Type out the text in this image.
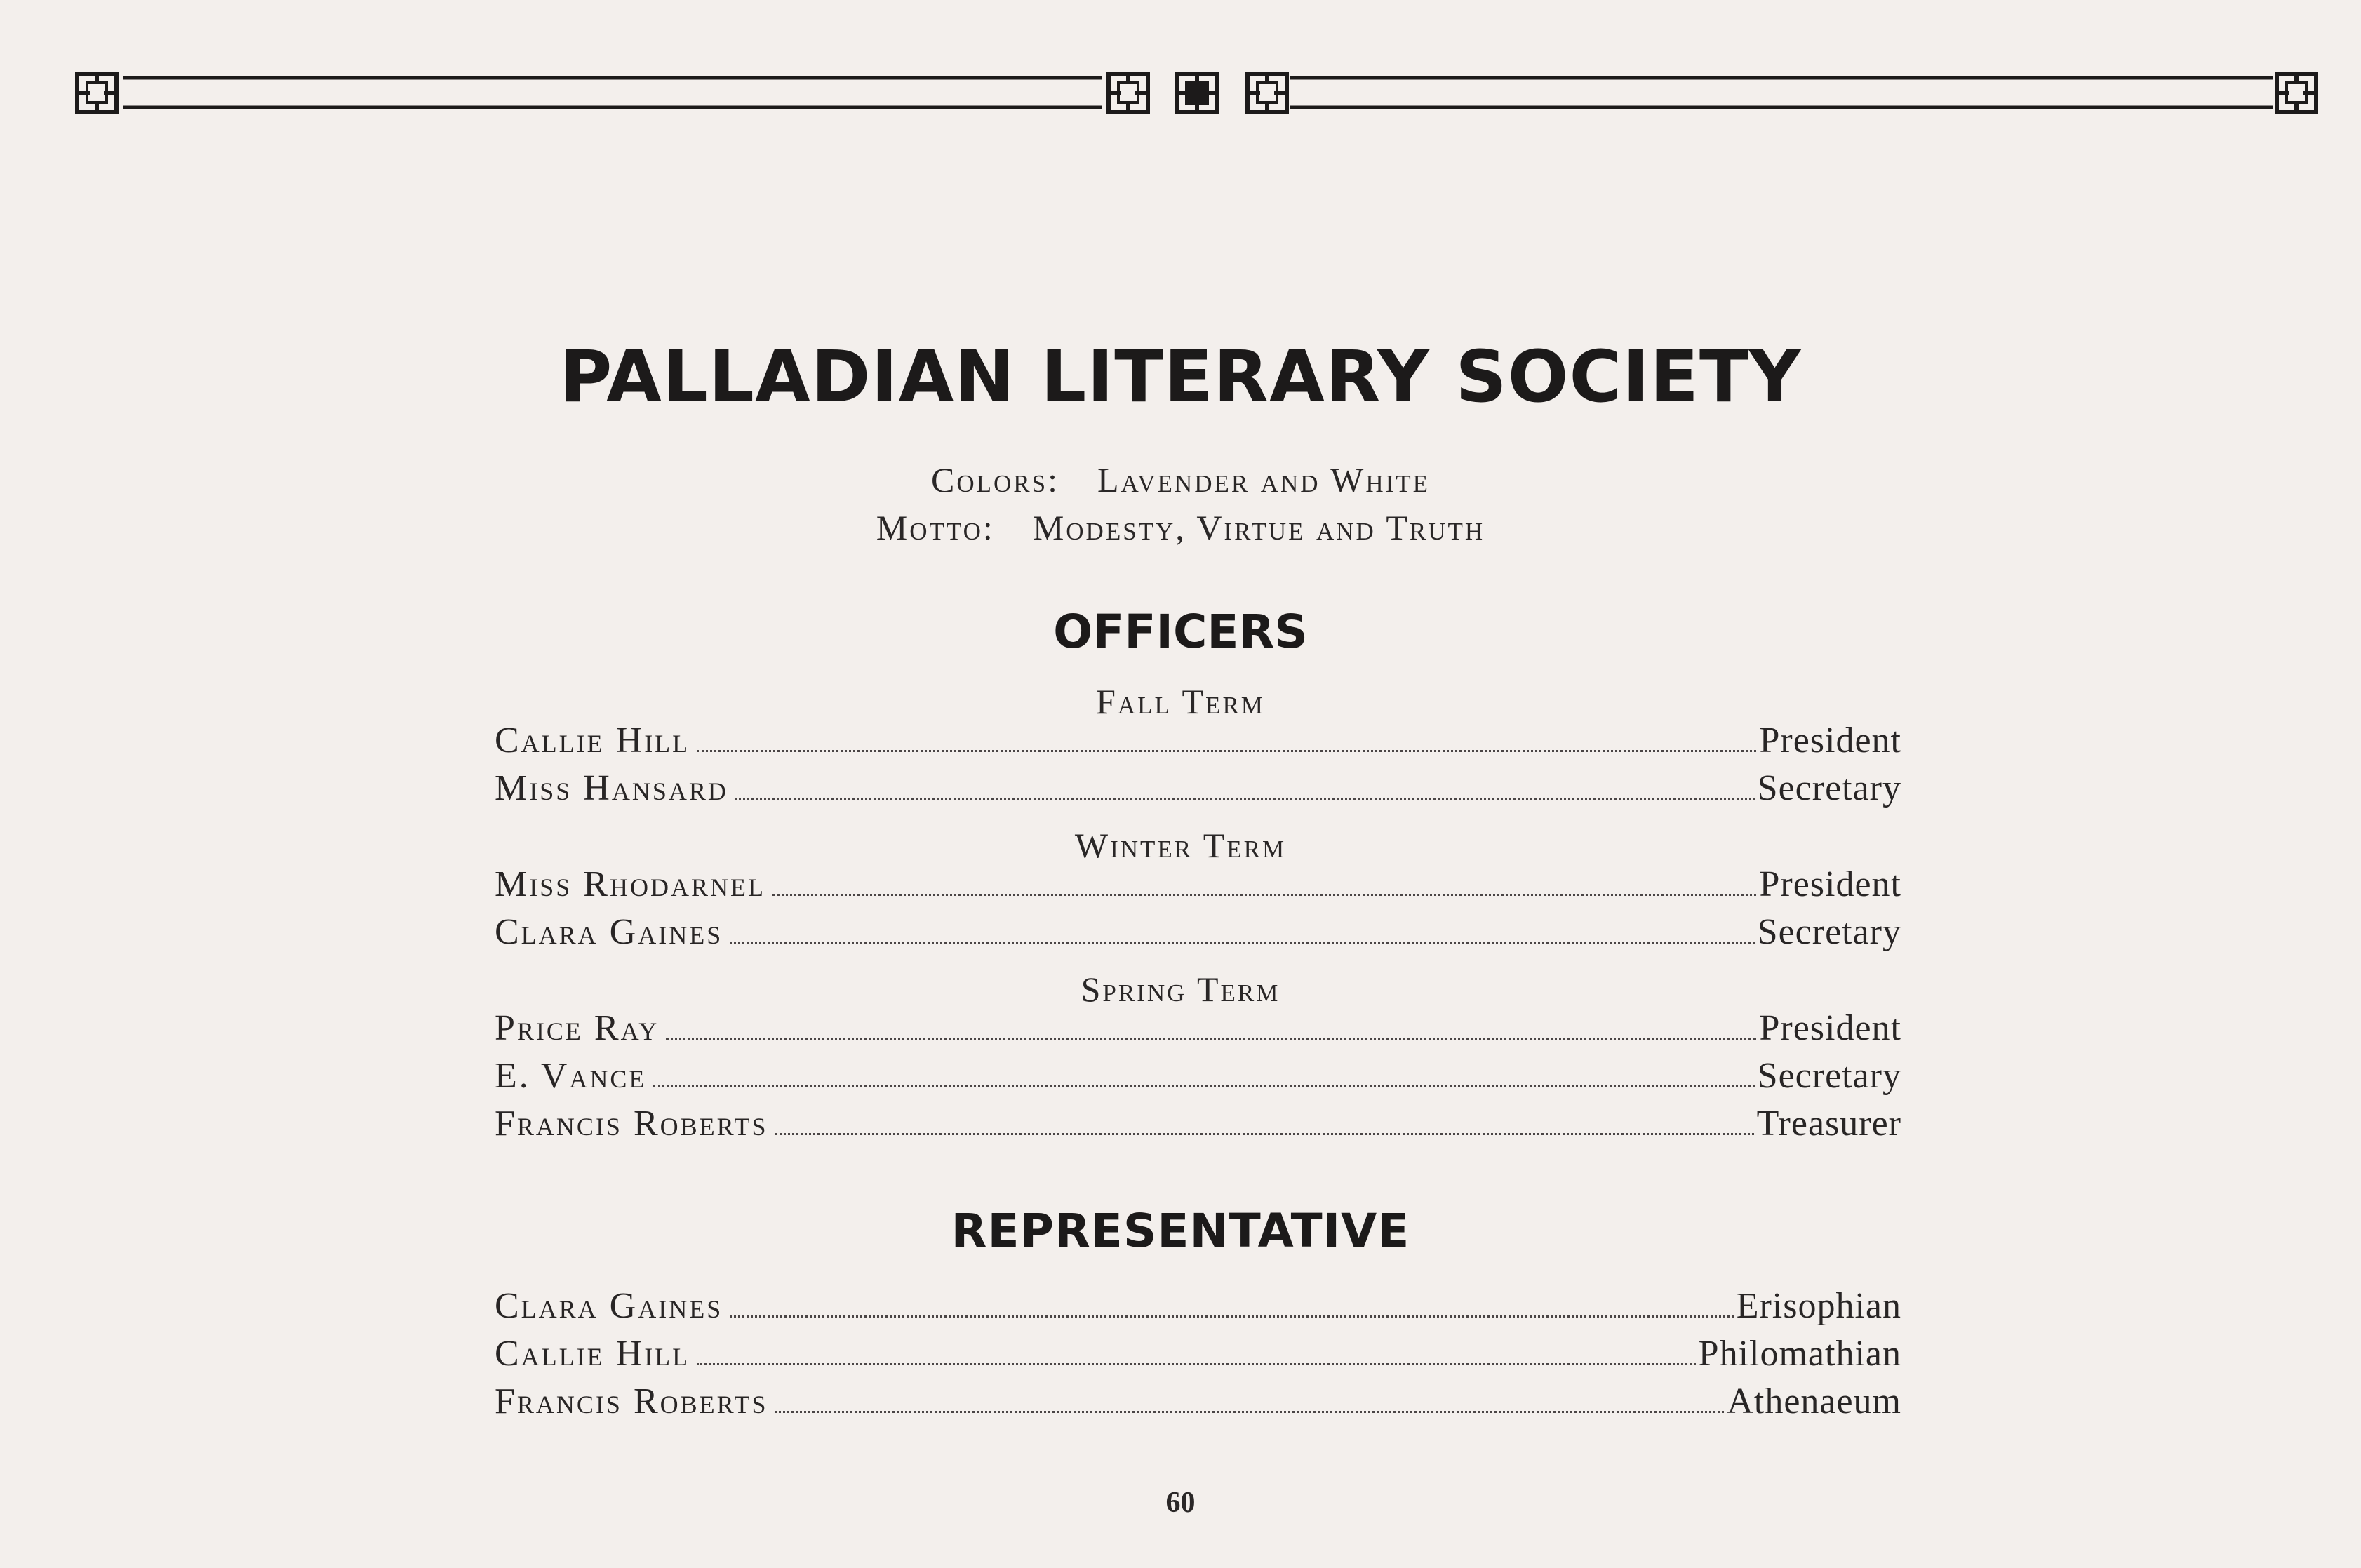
PALLADIAN LITERARY SOCIETY
Colors: Lavender and White
Motto: Modesty, Virtue and Truth
OFFICERS
Fall Term
Callie Hill	President
Miss Hansard	Secretary
Winter Term
Miss Rhodarnel	President
Clara Gaines	Secretary
Spring Term
Price Ray	President
E. Vance	Secretary
Francis Roberts	Treasurer
REPRESENTATIVE
Clara Gaines	Erisophian
Callie Hill	Philomathian
Francis Roberts	Athenaeum
60
